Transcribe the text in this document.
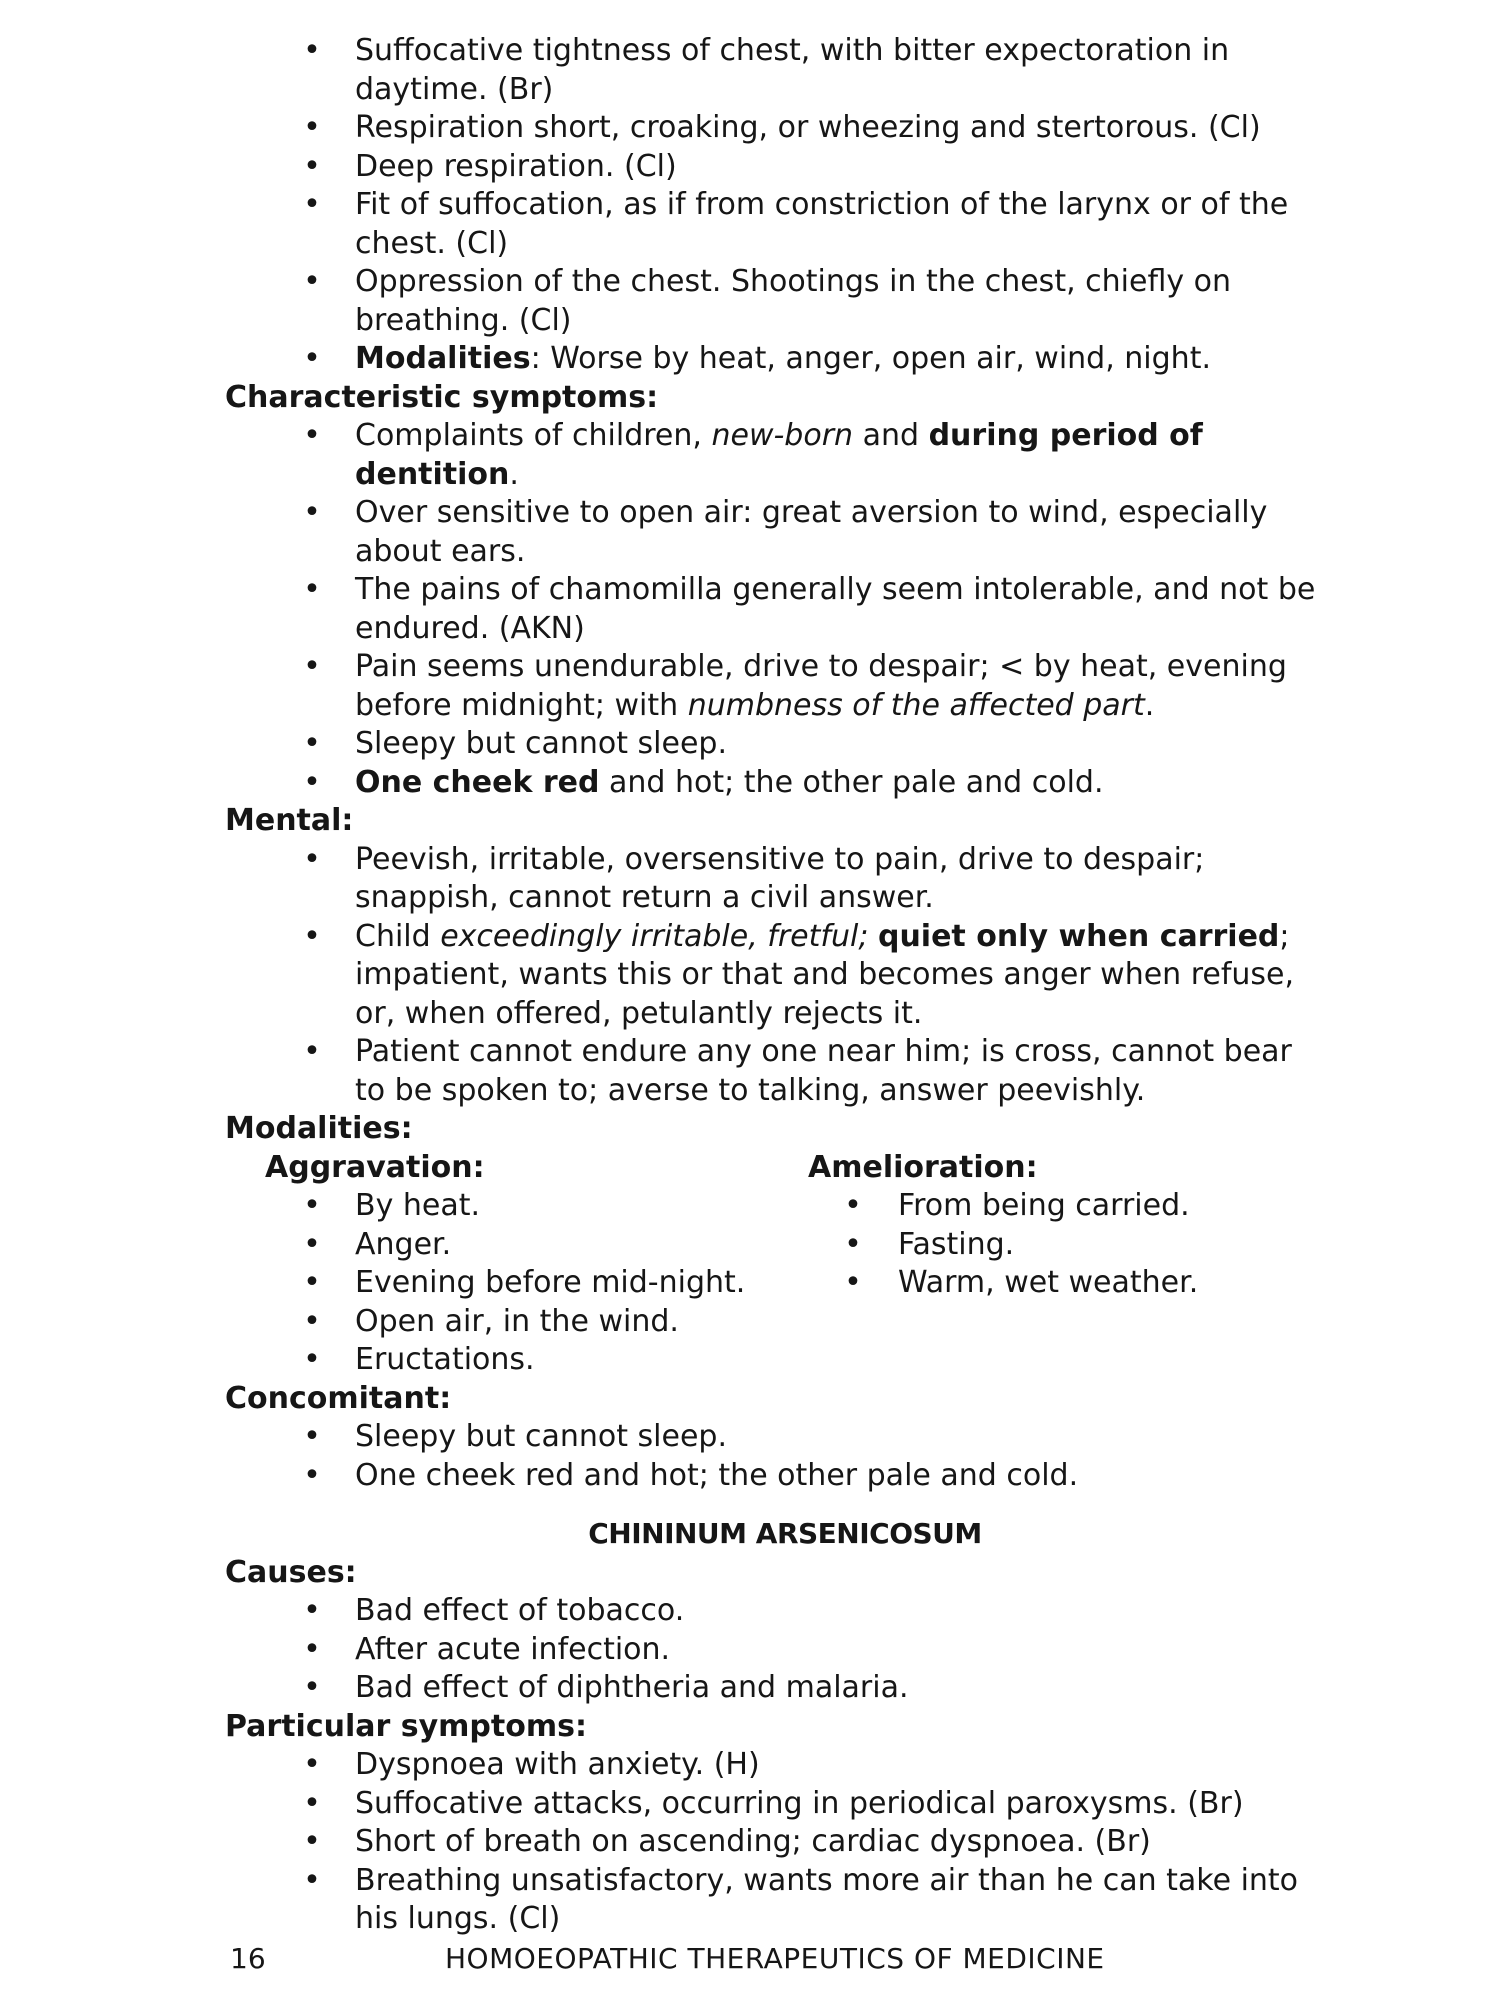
• Suffocative tightness of chest, with bitter expectoration in daytime. (Br)
• Respiration short, croaking, or wheezing and stertorous. (Cl)
• Deep respiration. (Cl)
• Fit of suffocation, as if from constriction of the larynx or of the chest. (Cl)
• Oppression of the chest. Shootings in the chest, chiefly on breathing. (Cl)
• Modalities: Worse by heat, anger, open air, wind, night.

Characteristic symptoms:

• Complaints of children, new-born and during period of dentition.
• Over sensitive to open air: great aversion to wind, especially about ears.
• The pains of chamomilla generally seem intolerable, and not be endured. (AKN)
• Pain seems unendurable, drive to despair; < by heat, evening before midnight; with numbness of the affected part.
• Sleepy but cannot sleep.
• One cheek red and hot; the other pale and cold.

Mental:

• Peevish, irritable, oversensitive to pain, drive to despair; snappish, cannot return a civil answer.
• Child exceedingly irritable, fretful; quiet only when carried; impatient, wants this or that and becomes anger when refuse, or, when offered, petulantly rejects it.
• Patient cannot endure any one near him; is cross, cannot bear to be spoken to; averse to talking, answer peevishly.

Modalities:

Aggravation:
• By heat.
• Anger.
• Evening before mid-night.
• Open air, in the wind.
• Eructations.
Amelioration:
• From being carried.
• Fasting.
• Warm, wet weather.

Concomitant:

• Sleepy but cannot sleep.
• One cheek red and hot; the other pale and cold.

CHININUM ARSENICOSUM

Causes:

• Bad effect of tobacco.
• After acute infection.
• Bad effect of diphtheria and malaria.

Particular symptoms:

• Dyspnoea with anxiety. (H)
• Suffocative attacks, occurring in periodical paroxysms. (Br)
• Short of breath on ascending; cardiac dyspnoea. (Br)
• Breathing unsatisfactory, wants more air than he can take into his lungs. (Cl)
16	HOMOEOPATHIC THERAPEUTICS OF MEDICINE
